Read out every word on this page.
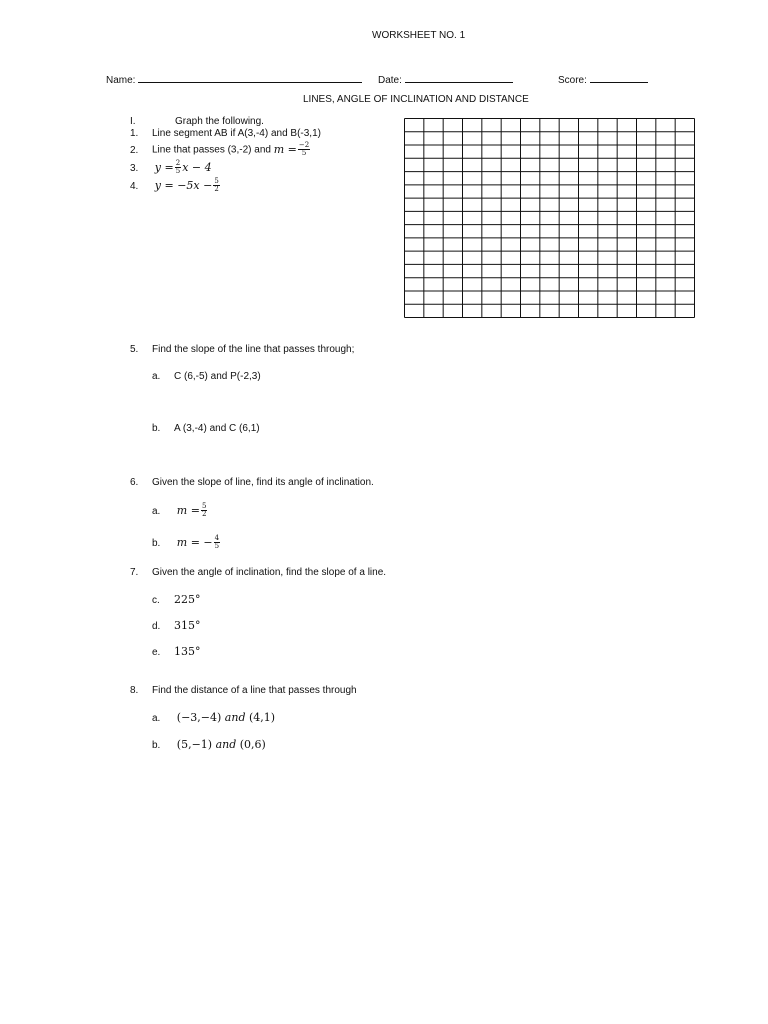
WORKSHEET NO. 1
Name:	Date:	Score:
LINES, ANGLE OF INCLINATION AND DISTANCE
I.	Graph the following.
1. Line segment AB if A(3,-4) and B(-3,1)
2. Line that passes (3,-2) and $m = \frac{-2}{5}$
3. $y = \frac{2}{5}$ x − 4
4. $y = -5x - \frac{5}{2}$
5. Find the slope of the line that passes through;
a. C (6,-5) and P(-2,3)
b. A (3,-4) and C (6,1)
6. Given the slope of line, find its angle of inclination.
a. $m = \frac{5}{2}$
b. m = − $\frac{4}{5}$
7. Given the angle of inclination, find the slope of a line.
c. 225°
d. 315°
e. 135°
8. Find the distance of a line that passes through
a. (−3,−4) and (4,1)
b. (5,−1) and (0,6)
